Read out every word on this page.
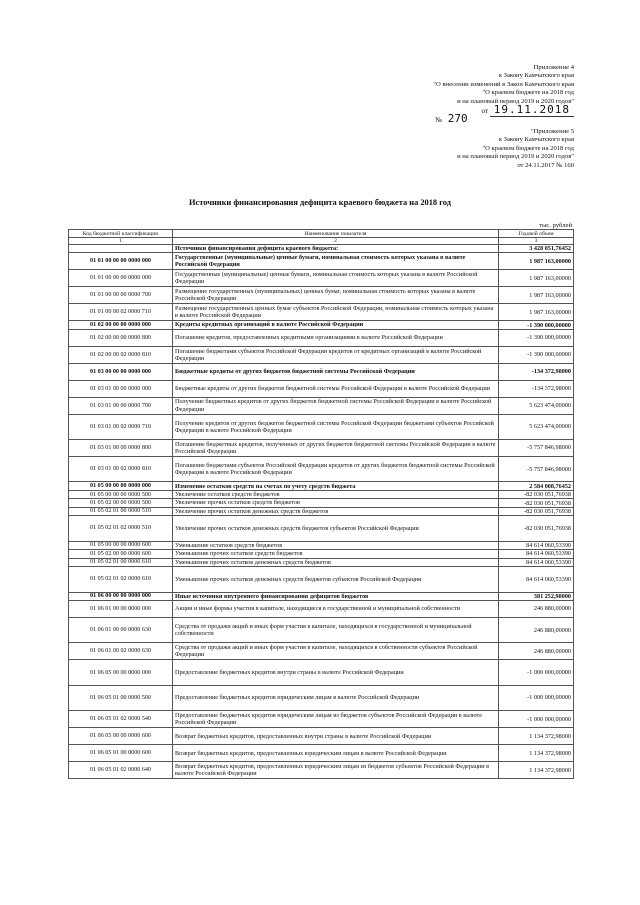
Приложение 4
к Закону Камчатского края
"О внесении изменений в Закон Камчатского края
"О краевом бюджете на 2018 год
и на плановый период 2019 и 2020 годов"
от 19.11.2018
№ 270
"Приложение 5
к Закону Камчатского края
"О краевом бюджете на 2018 год
и на плановый период 2019 и 2020 годов"
от 24.11.2017 № 160
Источники финансирования дефицита краевого бюджета на 2018 год
тыс. рублей
Код бюджетной классификации	Наименование показателя	Годовой объем
1	2	3
	Источники финансирования дефицита краевого бюджета:	3 428 051,76452
01 01 00 00 00 0000 000	Государственные (муниципальные) ценные бумаги, номинальная стоимость которых указана в валюте Российской Федерации	1 987 163,00000
01 01 00 00 00 0000 000	Государственные (муниципальные) ценные бумаги, номинальная стоимость которых указана в валюте Российской Федерации	1 987 163,00000
01 01 00 00 00 0000 700	Размещение государственных (муниципальных) ценных бумаг, номинальная стоимость которых указана в валюте Российской Федерации	1 987 163,00000
01 01 00 00 02 0000 710	Размещение государственных ценных бумаг субъектов Российской Федерации, номинальная стоимость которых указана в валюте Российской Федерации	1 987 163,00000
01 02 00 00 00 0000 000	Кредиты кредитных организаций в валюте Российской Федерации	-1 390 000,00000
01 02 00 00 00 0000 800	Погашение кредитов, предоставленных кредитными организациями в валюте Российской Федерации	-1 390 000,00000
01 02 00 00 02 0000 810	Погашение бюджетами субъектов Российской Федерации кредитов от кредитных организаций в валюте Российской Федерации	-1 390 000,00000
01 03 00 00 00 0000 000	Бюджетные кредиты от других бюджетов бюджетной системы Российской Федерации	-134 372,98000
01 03 01 00 00 0000 000	Бюджетные кредиты от других бюджетов бюджетной системы Российской Федерации в валюте Российской Федерации	-134 372,98000
01 03 01 00 00 0000 700	Получение бюджетных кредитов от других бюджетов бюджетной системы Российской Федерации в валюте Российской Федерации	5 623 474,00000
01 03 01 00 02 0000 710	Получение кредитов от других бюджетов бюджетной системы Российской Федерации бюджетами субъектов Российской Федерации в валюте Российской Федерации	5 623 474,00000
01 03 01 00 00 0000 800	Погашение бюджетных кредитов, полученных от других бюджетов бюджетной системы Российской Федерации в валюте Российской Федерации	-5 757 846,98000
01 03 01 00 02 0000 810	Погашение бюджетами субъектов Российской Федерации кредитов от других бюджетов бюджетной системы Российской Федерации в валюте Российской Федерации	-5 757 846,98000
01 05 00 00 00 0000 000	Изменение остатков средств на счетах по учету средств бюджета	2 584 008,76452
01 05 00 00 00 0000 500	Увеличение остатков средств бюджетов	-82 030 051,76938
01 05 02 00 00 0000 500	Увеличение прочих остатков средств бюджетов	-82 030 051,76938
01 05 02 01 00 0000 510	Увеличение прочих остатков денежных средств бюджетов	-82 030 051,76938
01 05 02 01 02 0000 510	Увеличение прочих остатков денежных средств бюджетов субъектов Российской Федерации	-82 030 051,76938
01 05 00 00 00 0000 600	Уменьшение остатков средств бюджетов	84 614 060,53390
01 05 02 00 00 0000 600	Уменьшение прочих остатков средств бюджетов	84 614 060,53390
01 05 02 01 00 0000 610	Уменьшение прочих остатков денежных средств бюджетов	84 614 060,53390
01 05 02 01 02 0000 610	Уменьшение прочих остатков денежных средств бюджетов субъектов Российской Федерации	84 614 060,53390
01 06 00 00 00 0000 000	Иные источники внутреннего финансирования дефицитов бюджетов	381 252,98000
01 06 01 00 00 0000 000	Акции и иные формы участия в капитале, находящиеся в государственной и муниципальной собственности	246 880,00000
01 06 01 00 00 0000 630	Средства от продажи акций и иных форм участия в капитале, находящихся в государственной и муниципальной собственности	246 880,00000
01 06 01 00 02 0000 630	Средства от продажи акций и иных форм участия в капитале, находящихся в собственности субъектов Российской Федерации	246 880,00000
01 06 05 00 00 0000 000	Предоставление бюджетных кредитов внутри страны в валюте Российской Федерации	-1 000 000,00000
01 06 05 01 00 0000 500	Предоставление бюджетных кредитов юридическим лицам в валюте Российской Федерации	-1 000 000,00000
01 06 05 01 02 0000 540	Предоставление бюджетных кредитов юридическим лицам из бюджетов субъектов Российской Федерации в валюте Российской Федерации	-1 000 000,00000
01 06 05 00 00 0000 600	Возврат бюджетных кредитов, предоставленных внутри страны в валюте Российской Федерации	1 134 372,98000
01 06 05 01 00 0000 600	Возврат бюджетных кредитов, предоставленных юридическим лицам в валюте Российской Федерации	1 134 372,98000
01 06 05 01 02 0000 640	Возврат бюджетных кредитов, предоставленных юридическим лицам из бюджетов субъектов Российской Федерации в валюте Российской Федерации	1 134 372,98000
